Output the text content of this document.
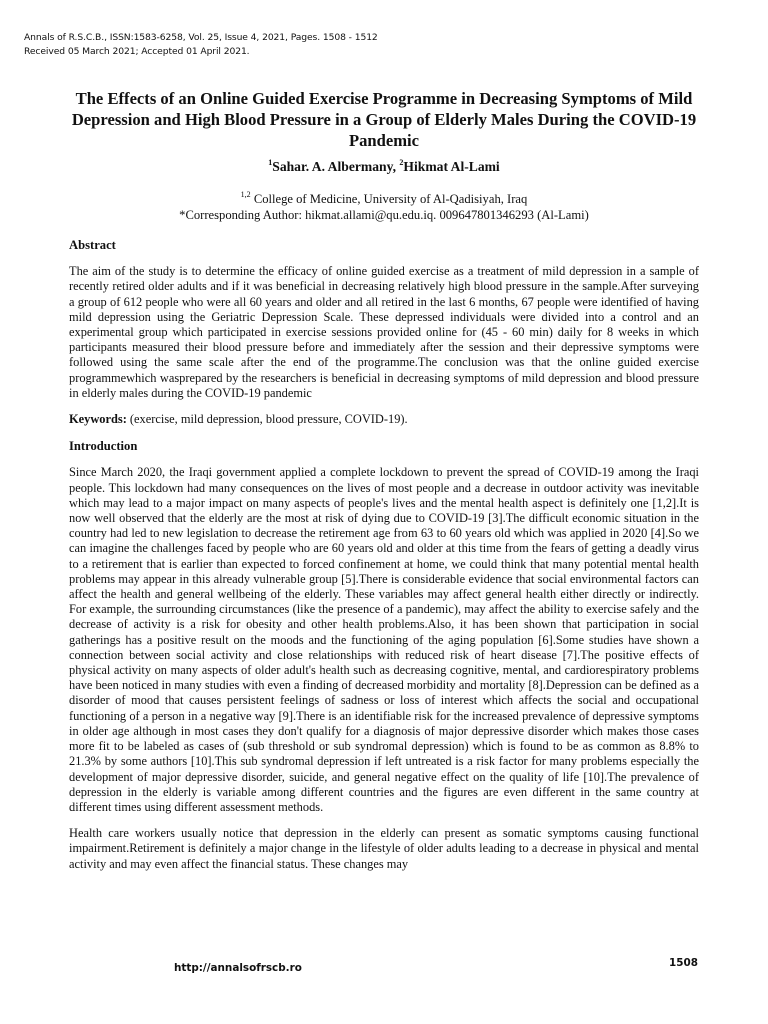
Annals of R.S.C.B., ISSN:1583-6258, Vol. 25, Issue 4, 2021, Pages. 1508 - 1512
Received 05 March 2021; Accepted 01 April 2021.
The Effects of an Online Guided Exercise Programme in Decreasing Symptoms of Mild Depression and High Blood Pressure in a Group of Elderly Males During the COVID-19 Pandemic
$^1$Sahar. A. Albermany, $^2$Hikmat Al-Lami
$^{1,2}$ College of Medicine, University of Al-Qadisiyah, Iraq
*Corresponding Author: hikmat.allami@qu.edu.iq. 009647801346293 (Al-Lami)
Abstract
The aim of the study is to determine the efficacy of online guided exercise as a treatment of mild depression in a sample of recently retired older adults and if it was beneficial in decreasing relatively high blood pressure in the sample.After surveying a group of 612 people who were all 60 years and older and all retired in the last 6 months, 67 people were identified of having mild depression using the Geriatric Depression Scale. These depressed individuals were divided into a control and an experimental group which participated in exercise sessions provided online for (45 - 60 min) daily for 8 weeks in which participants measured their blood pressure before and immediately after the session and their depressive symptoms were followed using the same scale after the end of the programme.The conclusion was that the online guided exercise programmewhich wasprepared by the researchers is beneficial in decreasing symptoms of mild depression and blood pressure in elderly males during the COVID-19 pandemic
Keywords: (exercise, mild depression, blood pressure, COVID-19).
Introduction
Since March 2020, the Iraqi government applied a complete lockdown to prevent the spread of COVID-19 among the Iraqi people. This lockdown had many consequences on the lives of most people and a decrease in outdoor activity was inevitable which may lead to a major impact on many aspects of people's lives and the mental health aspect is definitely one [1,2].It is now well observed that the elderly are the most at risk of dying due to COVID-19 [3].The difficult economic situation in the country had led to new legislation to decrease the retirement age from 63 to 60 years old which was applied in 2020 [4].So we can imagine the challenges faced by people who are 60 years old and older at this time from the fears of getting a deadly virus to a retirement that is earlier than expected to forced confinement at home, we could think that many potential mental health problems may appear in this already vulnerable group [5].There is considerable evidence that social environmental factors can affect the health and general wellbeing of the elderly. These variables may affect general health either directly or indirectly. For example, the surrounding circumstances (like the presence of a pandemic), may affect the ability to exercise safely and the decrease of activity is a risk for obesity and other health problems.Also, it has been shown that participation in social gatherings has a positive result on the moods and the functioning of the aging population [6].Some studies have shown a connection between social activity and close relationships with reduced risk of heart disease [7].The positive effects of physical activity on many aspects of older adult's health such as decreasing cognitive, mental, and cardiorespiratory problems have been noticed in many studies with even a finding of decreased morbidity and mortality [8].Depression can be defined as a disorder of mood that causes persistent feelings of sadness or loss of interest which affects the social and occupational functioning of a person in a negative way [9].There is an identifiable risk for the increased prevalence of depressive symptoms in older age although in most cases they don't qualify for a diagnosis of major depressive disorder which makes those cases more fit to be labeled as cases of (sub threshold or sub syndromal depression) which is found to be as common as 8.8% to 21.3% by some authors [10].This sub syndromal depression if left untreated is a risk factor for many problems especially the development of major depressive disorder, suicide, and general negative effect on the quality of life [10].The prevalence of depression in the elderly is variable among different countries and the figures are even different in the same country at different times using different assessment methods.
Health care workers usually notice that depression in the elderly can present as somatic symptoms causing functional impairment.Retirement is definitely a major change in the lifestyle of older adults leading to a decrease in physical and mental activity and may even affect the financial status. These changes may
http://annalsofrscb.ro	1508
